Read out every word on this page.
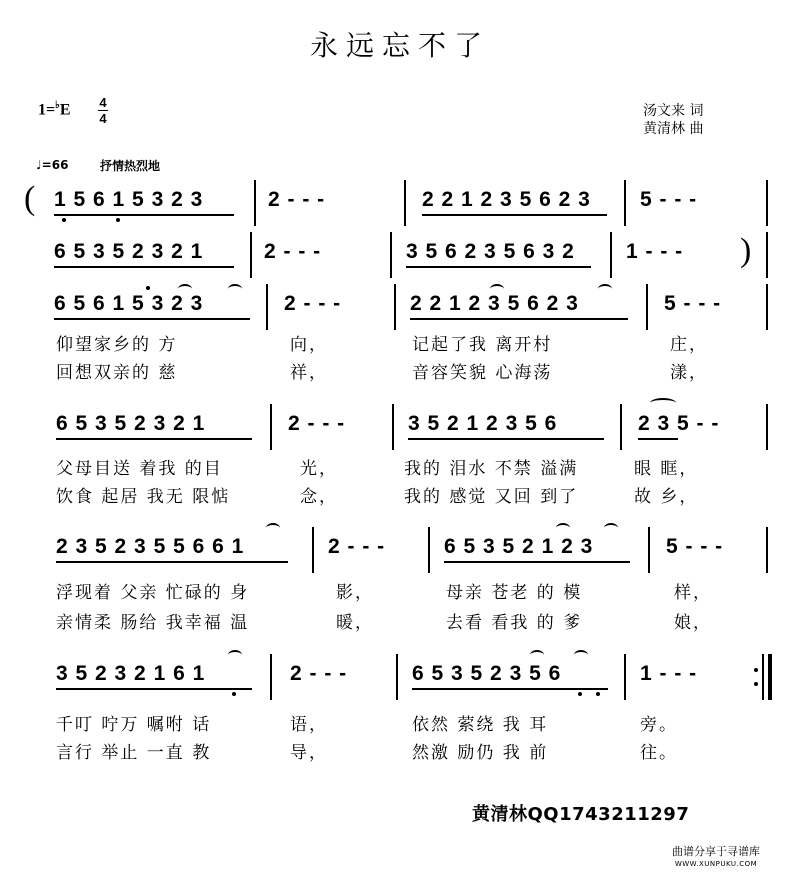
永远忘不了
1=♭E 4
4	汤文来 词
黄清林 曲
♩=66	抒情热烈地
( 1 5 6 1 5 3 2 3	2 - - -	2 2 1 2 3 5 6 2 3 5 - - -
6 5 3 5 2 3 2 1	2 - - -	3 5 6 2 3 5 6 3 2 1 - - - )
6 5 6 1 5 3 2 3	2 - - -	2 2 1 2 3 5 6 2 3	5 - - -
仰望家乡的 方	向，	记起了我 离开村	庄，
回想双亲的 慈	祥，	音容笑貌 心海荡	漾，
6 5 3 5 2 3 2 1	2 - - -	3 5 2 1 2 3 5 6	2 3 5 - -
父母目送 着我 的目	光，	我的 泪水 不禁 溢满	眼 眶，
饮食 起居 我无 限惦	念，	我的 感觉 又回 到了	故 乡，
2 3 5 2 3 5 5 6 6 1	2 - - -	6 5 3 5 2 1 2 3	5 - - -
浮现着 父亲 忙碌的 身	影，	母亲 苍老 的 模	样，
亲情柔 肠给 我幸福 温	暖，	去看 看我 的 爹	娘，
3 5 2 3 2 1 6 1	2 - - -	6 5 3 5 2 3 5 6	1 - - -
千叮 咛万 嘱咐 话	语，	依然 萦绕 我 耳	旁。
言行 举止 一直 教	导，	然激 励仍 我 前	往。
黄清林QQ1743211297
曲谱分享于寻谱库
WWW.XUNPUKU.COM
